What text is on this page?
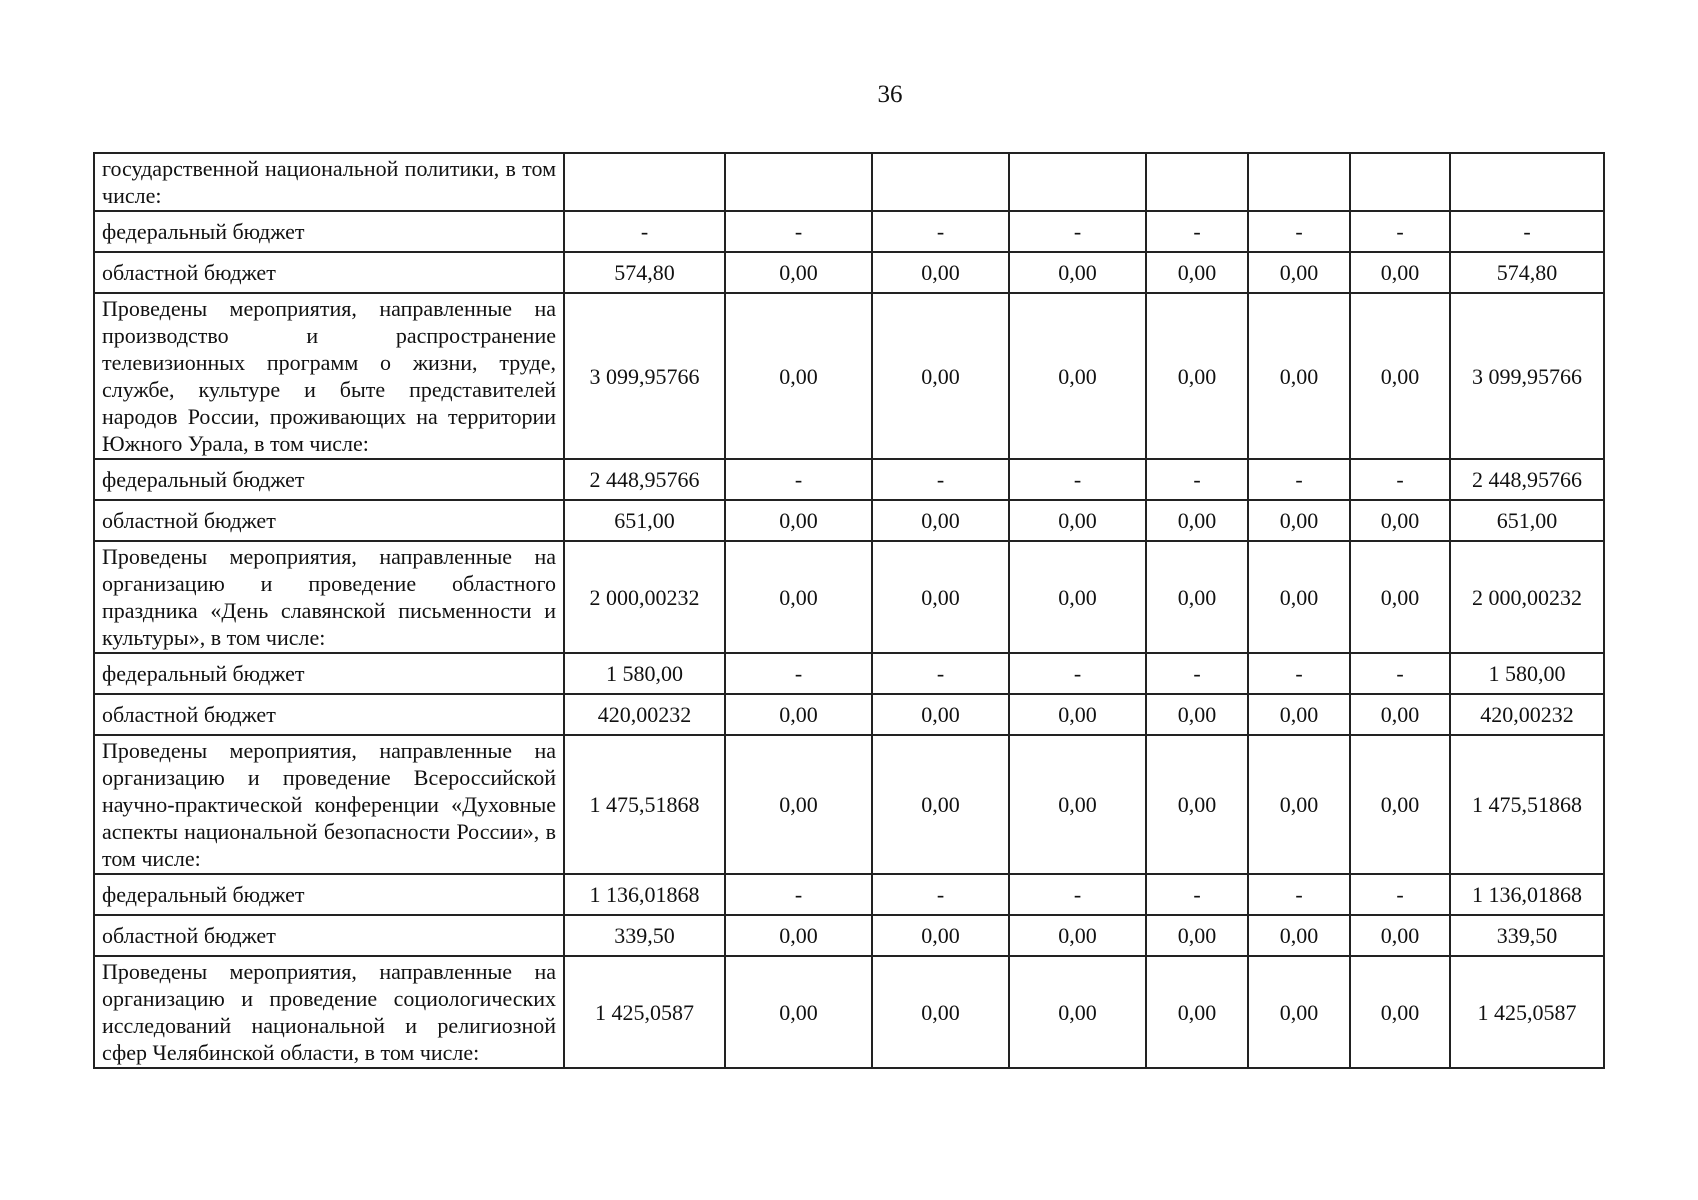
36
государственной национальной политики, в том числе:								
федеральный бюджет	-	-	-	-	-	-	-	-
областной бюджет	574,80	0,00	0,00	0,00	0,00	0,00	0,00	574,80
Проведены мероприятия, направленные на производство и распространение телевизионных программ о жизни, труде, службе, культуре и быте представителей народов России, проживающих на территории Южного Урала, в том числе:	3 099,95766	0,00	0,00	0,00	0,00	0,00	0,00	3 099,95766
федеральный бюджет	2 448,95766	-	-	-	-	-	-	2 448,95766
областной бюджет	651,00	0,00	0,00	0,00	0,00	0,00	0,00	651,00
Проведены мероприятия, направленные на организацию и проведение областного праздника «День славянской письменности и культуры», в том числе:	2 000,00232	0,00	0,00	0,00	0,00	0,00	0,00	2 000,00232
федеральный бюджет	1 580,00	-	-	-	-	-	-	1 580,00
областной бюджет	420,00232	0,00	0,00	0,00	0,00	0,00	0,00	420,00232
Проведены мероприятия, направленные на организацию и проведение Всероссийской научно-практической конференции «Духовные аспекты национальной безопасности России», в том числе:	1 475,51868	0,00	0,00	0,00	0,00	0,00	0,00	1 475,51868
федеральный бюджет	1 136,01868	-	-	-	-	-	-	1 136,01868
областной бюджет	339,50	0,00	0,00	0,00	0,00	0,00	0,00	339,50
Проведены мероприятия, направленные на организацию и проведение социологических исследований национальной и религиозной сфер Челябинской области, в том числе:	1 425,0587	0,00	0,00	0,00	0,00	0,00	0,00	1 425,0587
